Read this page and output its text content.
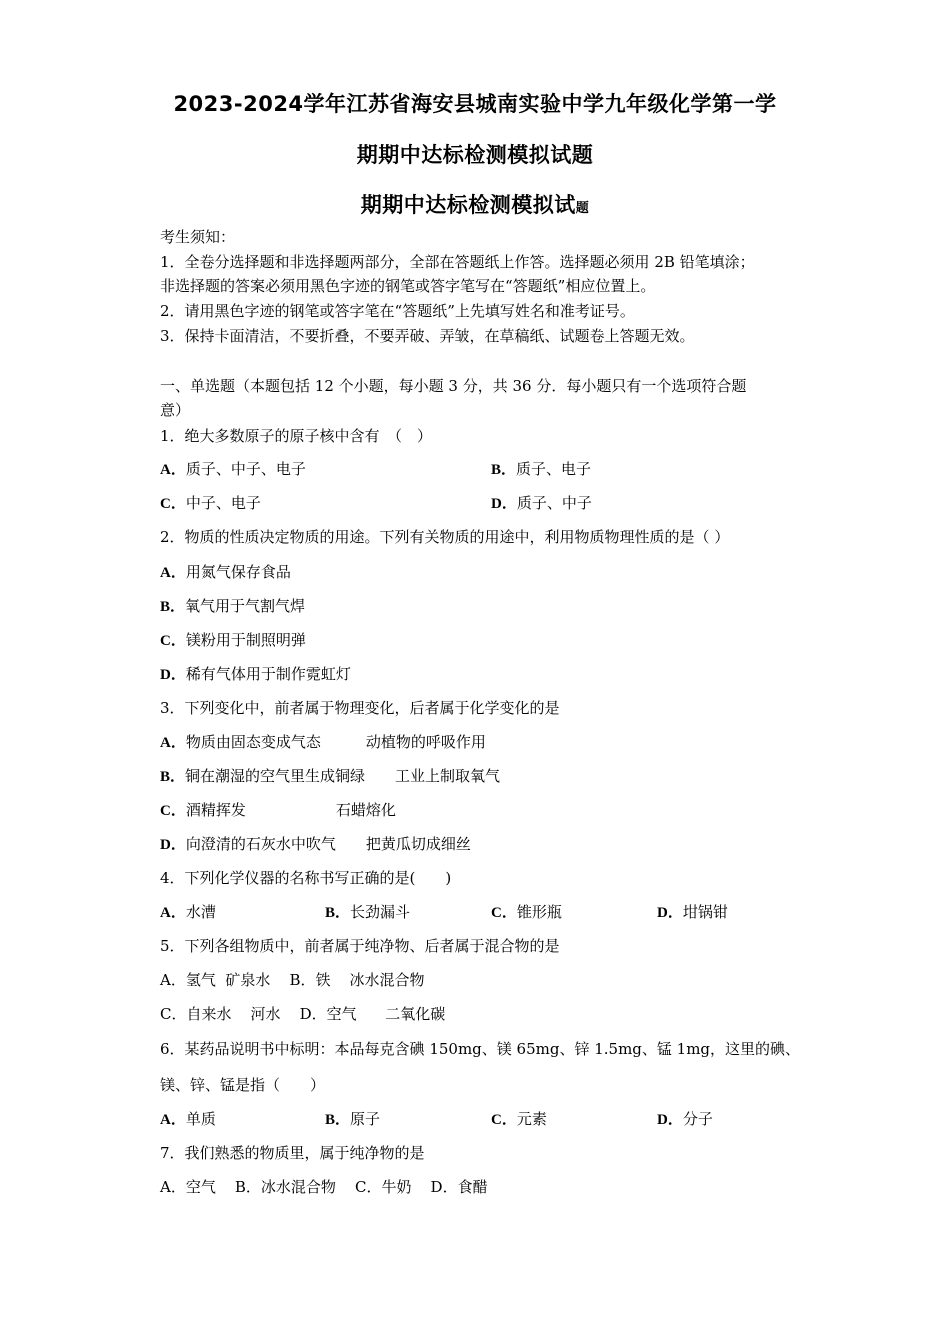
2023-2024学年江苏省海安县城南实验中学九年级化学第一学
期期中达标检测模拟试题
期期中达标检测模拟试题
考生须知：
1．全卷分选择题和非选择题两部分，全部在答题纸上作答。选择题必须用 2B 铅笔填涂；
非选择题的答案必须用黑色字迹的钢笔或答字笔写在“答题纸”相应位置上。
2．请用黑色字迹的钢笔或答字笔在“答题纸”上先填写姓名和准考证号。
3．保持卡面清洁，不要折叠，不要弄破、弄皱，在草稿纸、试题卷上答题无效。
一、单选题（本题包括 12 个小题，每小题 3 分，共 36 分．每小题只有一个选项符合题
意）
1．绝大多数原子的原子核中含有　（　）
A．质子、中子、电子	B．质子、电子
C．中子、电子	D．质子、中子
2．物质的性质决定物质的用途。下列有关物质的用途中，利用物质物理性质的是（ ）
A．用氮气保存食品
B．氧气用于气割气焊
C．镁粉用于制照明弹
D．稀有气体用于制作霓虹灯
3．下列变化中，前者属于物理变化，后者属于化学变化的是
A．物质由固态变成气态　　　动植物的呼吸作用
B．铜在潮湿的空气里生成铜绿　　工业上制取氧气
C．酒精挥发　　　　　　石蜡熔化
D．向澄清的石灰水中吹气　　把黄瓜切成细丝
4．下列化学仪器的名称书写正确的是(　　)
A．水漕	B．长劲漏斗	C．锥形瓶	D．坩锅钳
5．下列各组物质中，前者属于纯净物、后者属于混合物的是
A．氢气  矿泉水    B．铁    冰水混合物
C．自来水    河水    D．空气      二氧化碳
6．某药品说明书中标明：本品每克含碘 150mg、镁 65mg、锌 1.5mg、锰 1mg，这里的碘、
镁、锌、锰是指（　　）
A．单质	B．原子	C．元素	D．分子
7．我们熟悉的物质里，属于纯净物的是
A．空气    B．冰水混合物    C．牛奶    D．食醋
